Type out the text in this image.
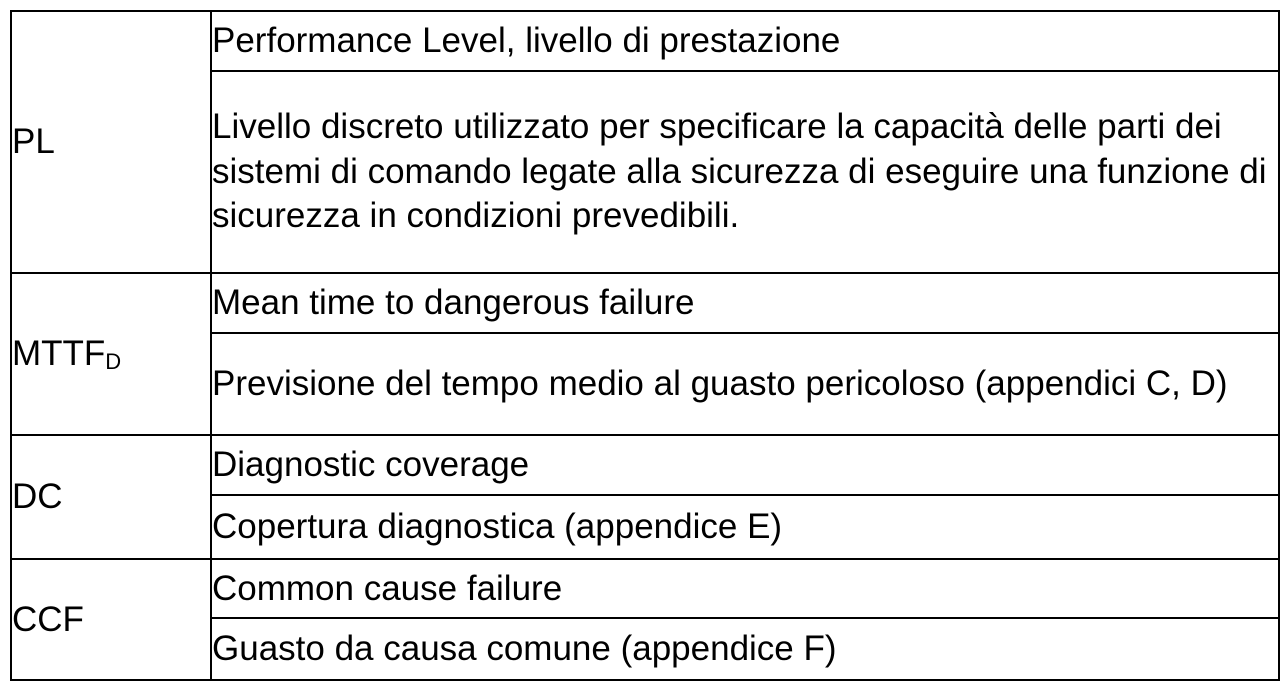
PL	Performance Level, livello di prestazione
	Livello discreto utilizzato per specificare la capacità delle parti dei sistemi di comando legate alla sicurezza di eseguire una funzione di sicurezza in condizioni prevedibili.
$MTTF_D$	Mean time to dangerous failure
	Previsione del tempo medio al guasto pericoloso (appendici C, D)
DC	Diagnostic coverage
	Copertura diagnostica (appendice E)
CCF	Common cause failure
	Guasto da causa comune (appendice F)
